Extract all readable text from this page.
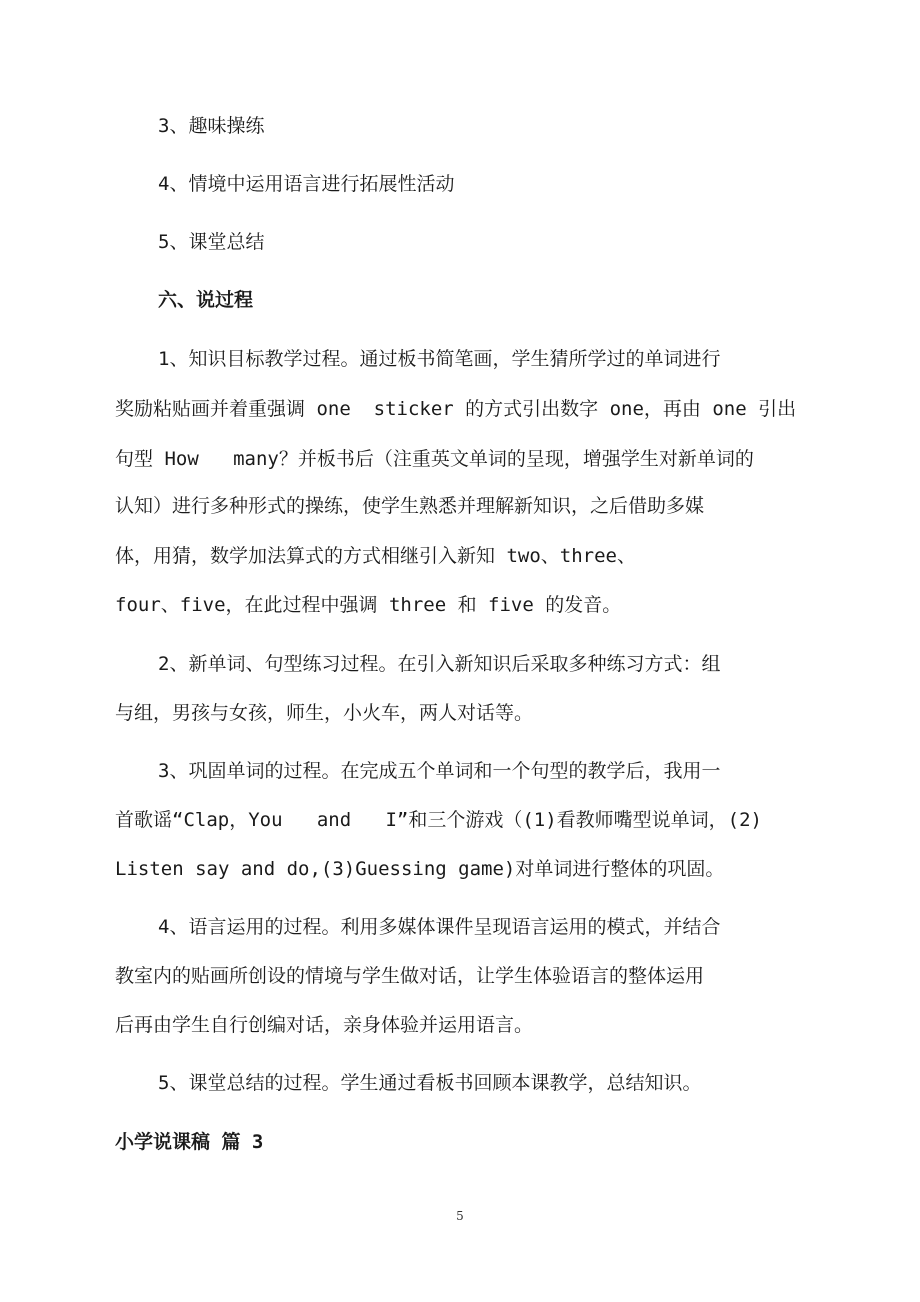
3、趣味操练
4、情境中运用语言进行拓展性活动
5、课堂总结
六、说过程
1、知识目标教学过程。通过板书简笔画，学生猜所学过的单词进行
奖励粘贴画并着重强调 one  sticker 的方式引出数字 one，再由 one 引出
句型 How   many？并板书后（注重英文单词的呈现，增强学生对新单词的
认知）进行多种形式的操练，使学生熟悉并理解新知识，之后借助多媒
体，用猜，数学加法算式的方式相继引入新知 two、three、
four、five，在此过程中强调 three 和 five 的发音。
2、新单词、句型练习过程。在引入新知识后采取多种练习方式：组
与组，男孩与女孩，师生，小火车，两人对话等。
3、巩固单词的过程。在完成五个单词和一个句型的教学后，我用一
首歌谣“Clap，You   and   I”和三个游戏（(1)看教师嘴型说单词，(2)
Listen say and do,(3)Guessing game)对单词进行整体的巩固。
4、语言运用的过程。利用多媒体课件呈现语言运用的模式，并结合
教室内的贴画所创设的情境与学生做对话，让学生体验语言的整体运用
后再由学生自行创编对话，亲身体验并运用语言。
5、课堂总结的过程。学生通过看板书回顾本课教学，总结知识。
小学说课稿 篇 3
5
